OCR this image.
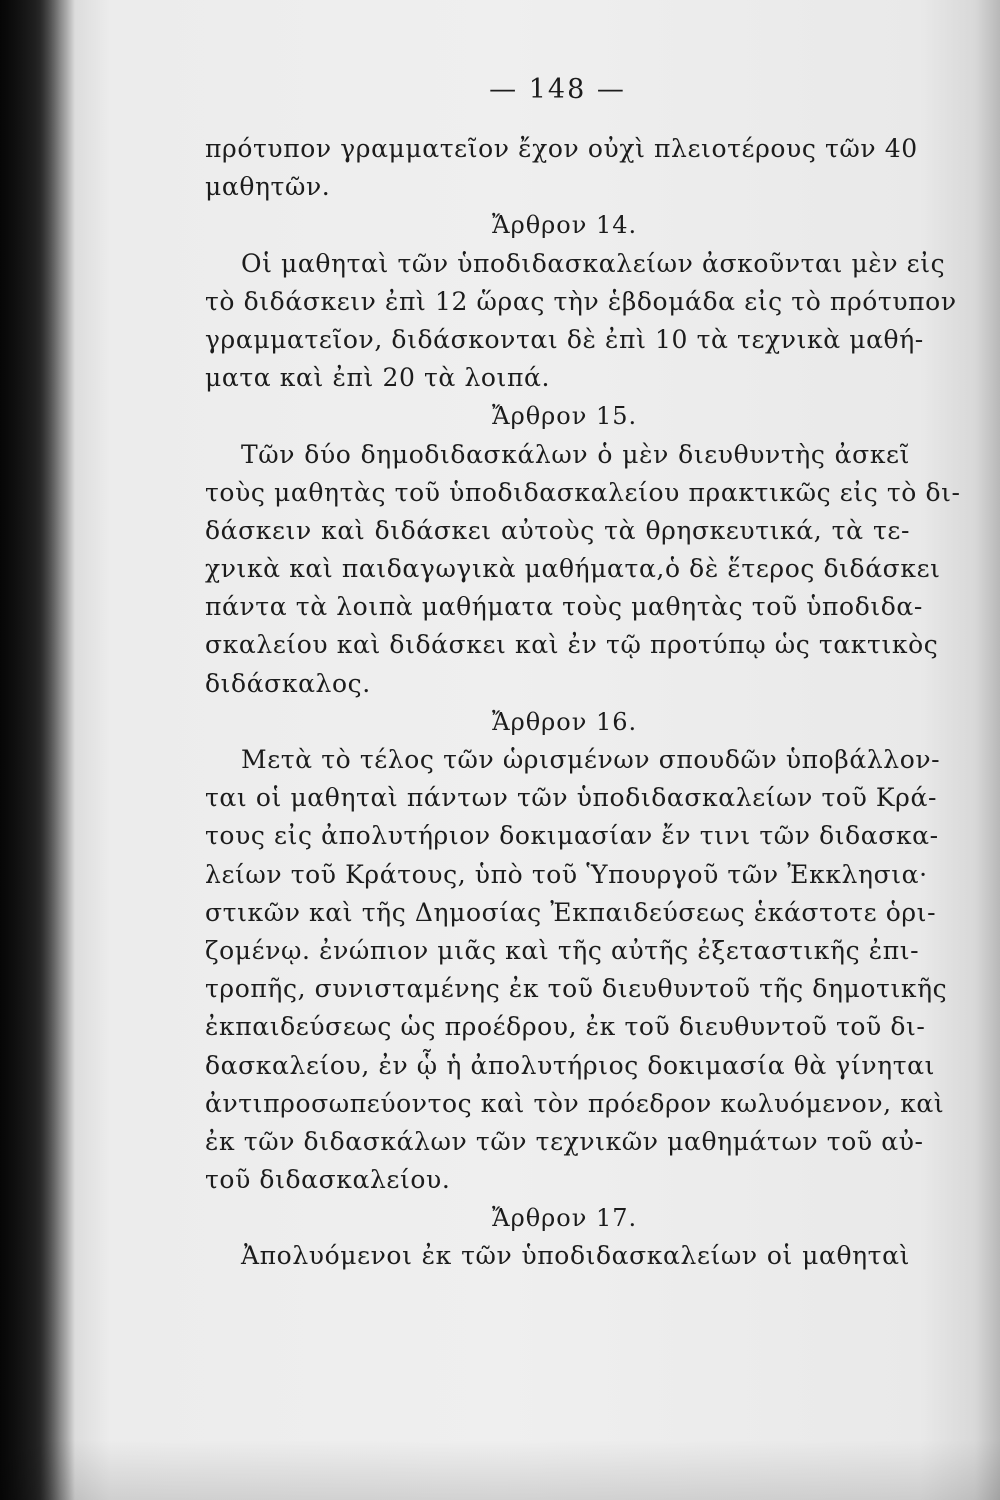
— 148 —
πρότυπον γραμματεῖον ἔχον οὐχὶ πλειοτέρους τῶν 40
μαθητῶν.
Ἄρθρον 14.
Οἱ μαθηταὶ τῶν ὑποδιδασκαλείων ἀσκοῦνται μὲν εἰς
τὸ διδάσκειν ἐπὶ 12 ὥρας τὴν ἑβδομάδα εἰς τὸ πρότυπον
γραμματεῖον, διδάσκονται δὲ ἐπὶ 10 τὰ τεχνικὰ μαθή-
ματα καὶ ἐπὶ 20 τὰ λοιπά.
Ἄρθρον 15.
Τῶν δύο δημοδιδασκάλων ὁ μὲν διευθυντὴς ἀσκεῖ
τοὺς μαθητὰς τοῦ ὑποδιδασκαλείου πρακτικῶς εἰς τὸ δι-
δάσκειν καὶ διδάσκει αὐτοὺς τὰ θρησκευτικά, τὰ τε-
χνικὰ καὶ παιδαγωγικὰ μαθήματα,ὁ δὲ ἕτερος διδάσκει
πάντα τὰ λοιπὰ μαθήματα τοὺς μαθητὰς τοῦ ὑποδιδα-
σκαλείου καὶ διδάσκει καὶ ἐν τῷ προτύπῳ ὡς τακτικὸς
διδάσκαλος.
Ἄρθρον 16.
Μετὰ τὸ τέλος τῶν ὡρισμένων σπουδῶν ὑποβάλλον-
ται οἱ μαθηταὶ πάντων τῶν ὑποδιδασκαλείων τοῦ Κρά-
τους εἰς ἀπολυτήριον δοκιμασίαν ἔν τινι τῶν διδασκα-
λείων τοῦ Κράτους, ὑπὸ τοῦ Ὑπουργοῦ τῶν Ἐκκλησια·
στικῶν καὶ τῆς Δημοσίας Ἐκπαιδεύσεως ἑκάστοτε ὁρι-
ζομένῳ. ἐνώπιον μιᾶς καὶ τῆς αὐτῆς ἐξεταστικῆς ἐπι-
τροπῆς, συνισταμένης ἐκ τοῦ διευθυντοῦ τῆς δημοτικῆς
ἐκπαιδεύσεως ὡς προέδρου, ἐκ τοῦ διευθυντοῦ τοῦ δι-
δασκαλείου, ἐν ᾧ ἡ ἀπολυτήριος δοκιμασία θὰ γίνηται
ἀντιπροσωπεύοντος καὶ τὸν πρόεδρον κωλυόμενον, καὶ
ἐκ τῶν διδασκάλων τῶν τεχνικῶν μαθημάτων τοῦ αὐ-
τοῦ διδασκαλείου.
Ἄρθρον 17.
Ἀπολυόμενοι ἐκ τῶν ὑποδιδασκαλείων οἱ μαθηταὶ
